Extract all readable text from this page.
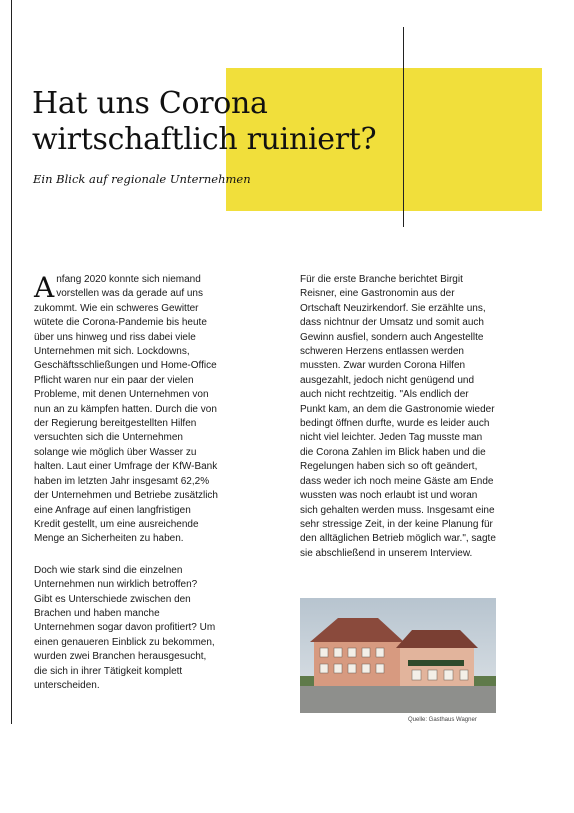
Hat uns Corona wirtschaftlich ruiniert?

Ein Blick auf regionale Unternehmen

Anfang 2020 konnte sich niemand vorstellen was da gerade auf uns zukommt. Wie ein schweres Gewitter wütete die Corona-Pandemie bis heute über uns hinweg und riss dabei viele Unternehmen mit sich. Lockdowns, Geschäftsschließungen und Home-Office Pflicht waren nur ein paar der vielen Probleme, mit denen Unternehmen von nun an zu kämpfen hatten. Durch die von der Regierung bereitgestellten Hilfen versuchten sich die Unternehmen solange wie möglich über Wasser zu halten. Laut einer Umfrage der KfW-Bank haben im letzten Jahr insgesamt 62,2% der Unternehmen und Betriebe zusätzlich eine Anfrage auf einen langfristigen Kredit gestellt, um eine ausreichende Menge an Sicherheiten zu haben.

Doch wie stark sind die einzelnen Unternehmen nun wirklich betroffen? Gibt es Unterschiede zwischen den Brachen und haben manche Unternehmen sogar davon profitiert? Um einen genaueren Einblick zu bekommen, wurden zwei Branchen herausgesucht, die sich in ihrer Tätigkeit komplett unterscheiden.

Für die erste Branche berichtet Birgit Reisner, eine Gastronomin aus der Ortschaft Neuzirkendorf. Sie erzählte uns, dass nichtnur der Umsatz und somit auch Gewinn ausfiel, sondern auch Angestellte schweren Herzens entlassen werden mussten. Zwar wurden Corona Hilfen ausgezahlt, jedoch nicht genügend und auch nicht rechtzeitig. "Als endlich der Punkt kam, an dem die Gastronomie wieder bedingt öffnen durfte, wurde es leider auch nicht viel leichter. Jeden Tag musste man die Corona Zahlen im Blick haben und die Regelungen haben sich so oft geändert, dass weder ich noch meine Gäste am Ende wussten was noch erlaubt ist und woran sich gehalten werden muss. Insgesamt eine sehr stressige Zeit, in der keine Planung für den alltäglichen Betrieb möglich war.", sagte sie abschließend in unserem Interview.

Quelle: Gasthaus Wagner
